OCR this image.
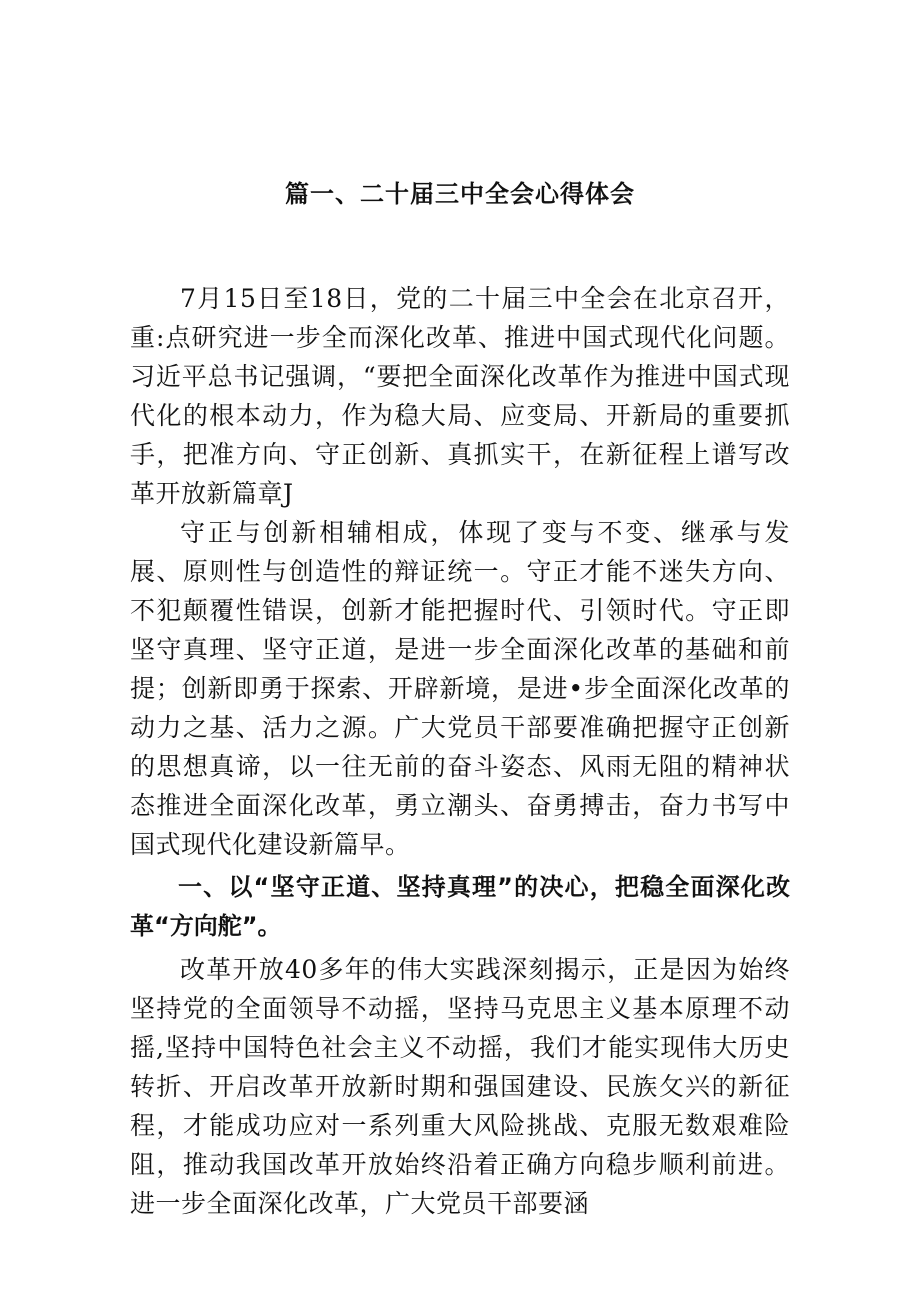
篇一、二十届三中全会心得体会

7月15日至18日，党的二十届三中全会在北京召开，重:点研究进一步全而深化改革、推进中国式现代化问题。习近平总书记强调，“要把全面深化改革作为推进中国式现代化的根本动力，作为稳大局、应变局、开新局的重要抓手，把准方向、守正创新、真抓实干，在新征程上谱写改革开放新篇章J

守正与创新相辅相成，体现了变与不变、继承与发展、原则性与创造性的辩证统一。守正才能不迷失方向、不犯颠覆性错误，创新才能把握时代、引领时代。守正即坚守真理、坚守正道，是进一步全面深化改革的基础和前提；创新即勇于探索、开辟新境，是进•步全面深化改革的动力之基、活力之源。广大党员干部要准确把握守正创新的思想真谛，以一往无前的奋斗姿态、风雨无阻的精神状态推进全面深化改革，勇立潮头、奋勇搏击，奋力书写中国式现代化建设新篇早。

一、以“坚守正道、坚持真理”的决心，把稳全面深化改革“方向舵”。

改革开放40多年的伟大实践深刻揭示，正是因为始终坚持党的全面领导不动摇，坚持马克思主义基本原理不动摇,坚持中国特色社会主义不动摇，我们才能实现伟大历史转折、开启改革开放新时期和强国建设、民族攵兴的新征程，才能成功应对一系列重大风险挑战、克服无数艰难险阻，推动我国改革开放始终沿着正确方向稳步顺利前进。进一步全面深化改革，广大党员干部要涵
